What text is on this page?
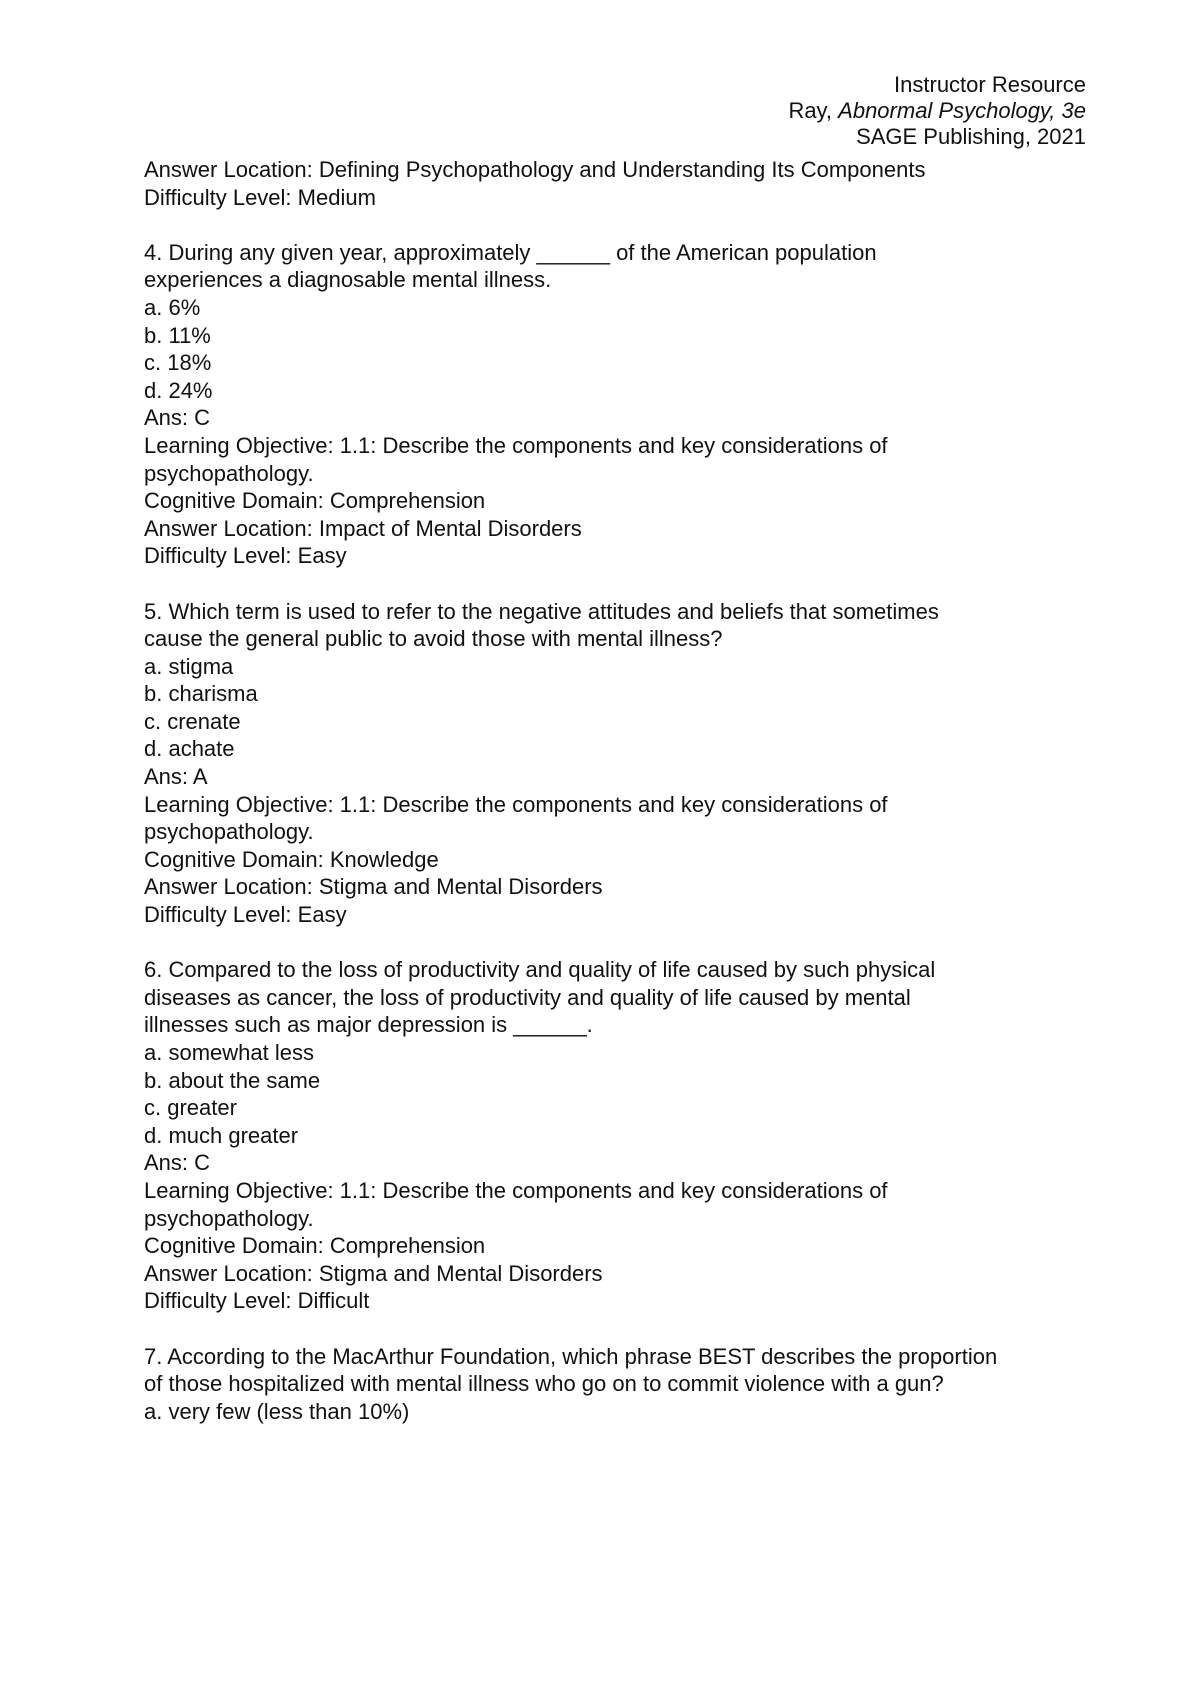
Instructor Resource
Ray, Abnormal Psychology, 3e
SAGE Publishing, 2021
Answer Location: Defining Psychopathology and Understanding Its Components
Difficulty Level: Medium
4. During any given year, approximately ______ of the American population
experiences a diagnosable mental illness.
a. 6%
b. 11%
c. 18%
d. 24%
Ans: C
Learning Objective: 1.1: Describe the components and key considerations of
psychopathology.
Cognitive Domain: Comprehension
Answer Location: Impact of Mental Disorders
Difficulty Level: Easy
5. Which term is used to refer to the negative attitudes and beliefs that sometimes
cause the general public to avoid those with mental illness?
a. stigma
b. charisma
c. crenate
d. achate
Ans: A
Learning Objective: 1.1: Describe the components and key considerations of
psychopathology.
Cognitive Domain: Knowledge
Answer Location: Stigma and Mental Disorders
Difficulty Level: Easy
6. Compared to the loss of productivity and quality of life caused by such physical
diseases as cancer, the loss of productivity and quality of life caused by mental
illnesses such as major depression is ______.
a. somewhat less
b. about the same
c. greater
d. much greater
Ans: C
Learning Objective: 1.1: Describe the components and key considerations of
psychopathology.
Cognitive Domain: Comprehension
Answer Location: Stigma and Mental Disorders
Difficulty Level: Difficult
7. According to the MacArthur Foundation, which phrase BEST describes the proportion
of those hospitalized with mental illness who go on to commit violence with a gun?
a. very few (less than 10%)
